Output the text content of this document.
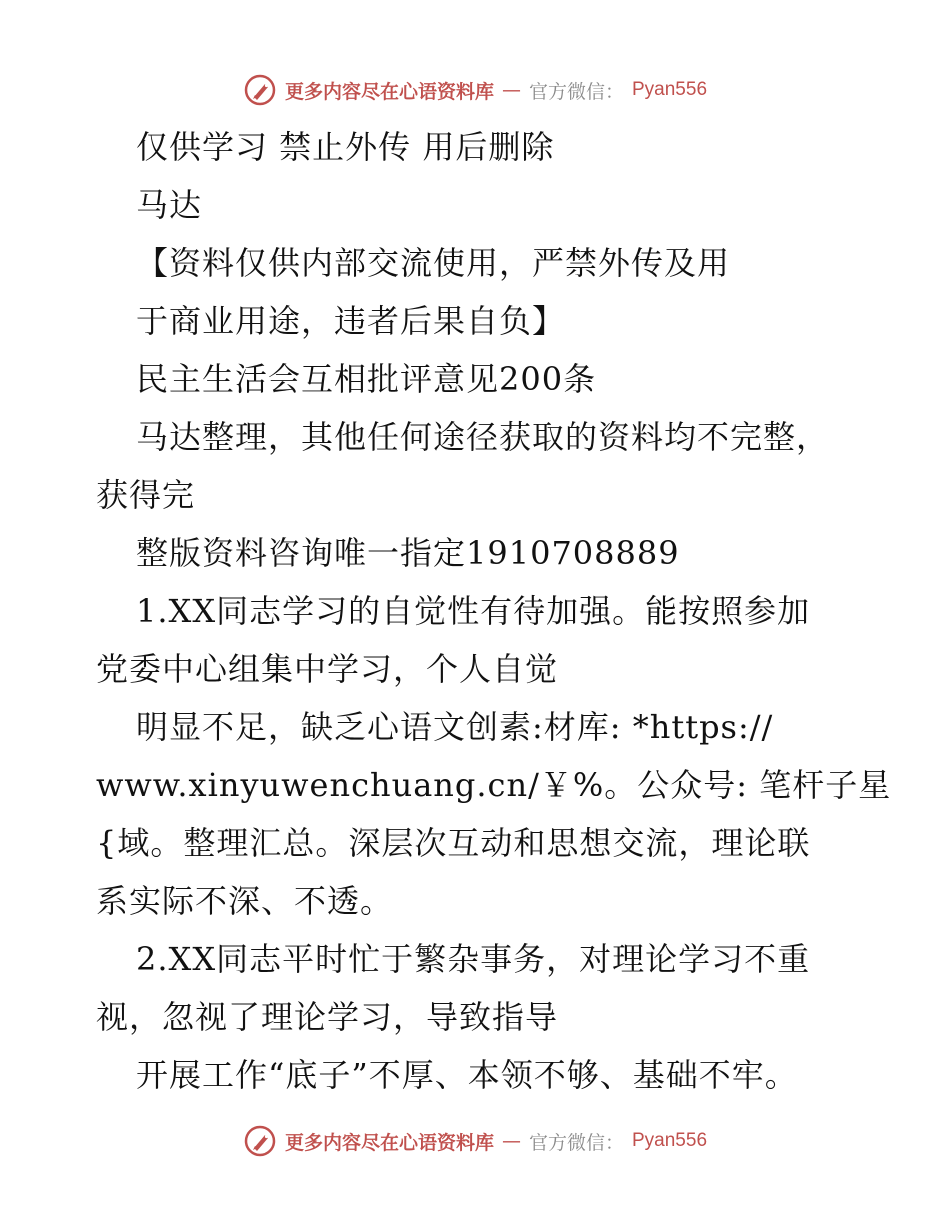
更多内容尽在心语资料库 — 官方微信： Pyan556

仅供学习 禁止外传 用后删除

马达

【资料仅供内部交流使用，严禁外传及用

于商业用途，违者后果自负】

民主生活会互相批评意见200条

马达整理，其他任何途径获取的资料均不完整，

获得完

整版资料咨询唯一指定1910708889

1.XX同志学习的自觉性有待加强。能按照参加

党委中心组集中学习，个人自觉

明显不足，缺乏心语文创素:材库: *https://

www.xinyuwenchuang.cn/￥%。公众号: 笔杆子星

{域。整理汇总。深层次互动和思想交流，理论联

系实际不深、不透。

2.XX同志平时忙于繁杂事务，对理论学习不重

视，忽视了理论学习，导致指导

开展工作“底子”不厚、本领不够、基础不牢。

更多内容尽在心语资料库 — 官方微信： Pyan556
